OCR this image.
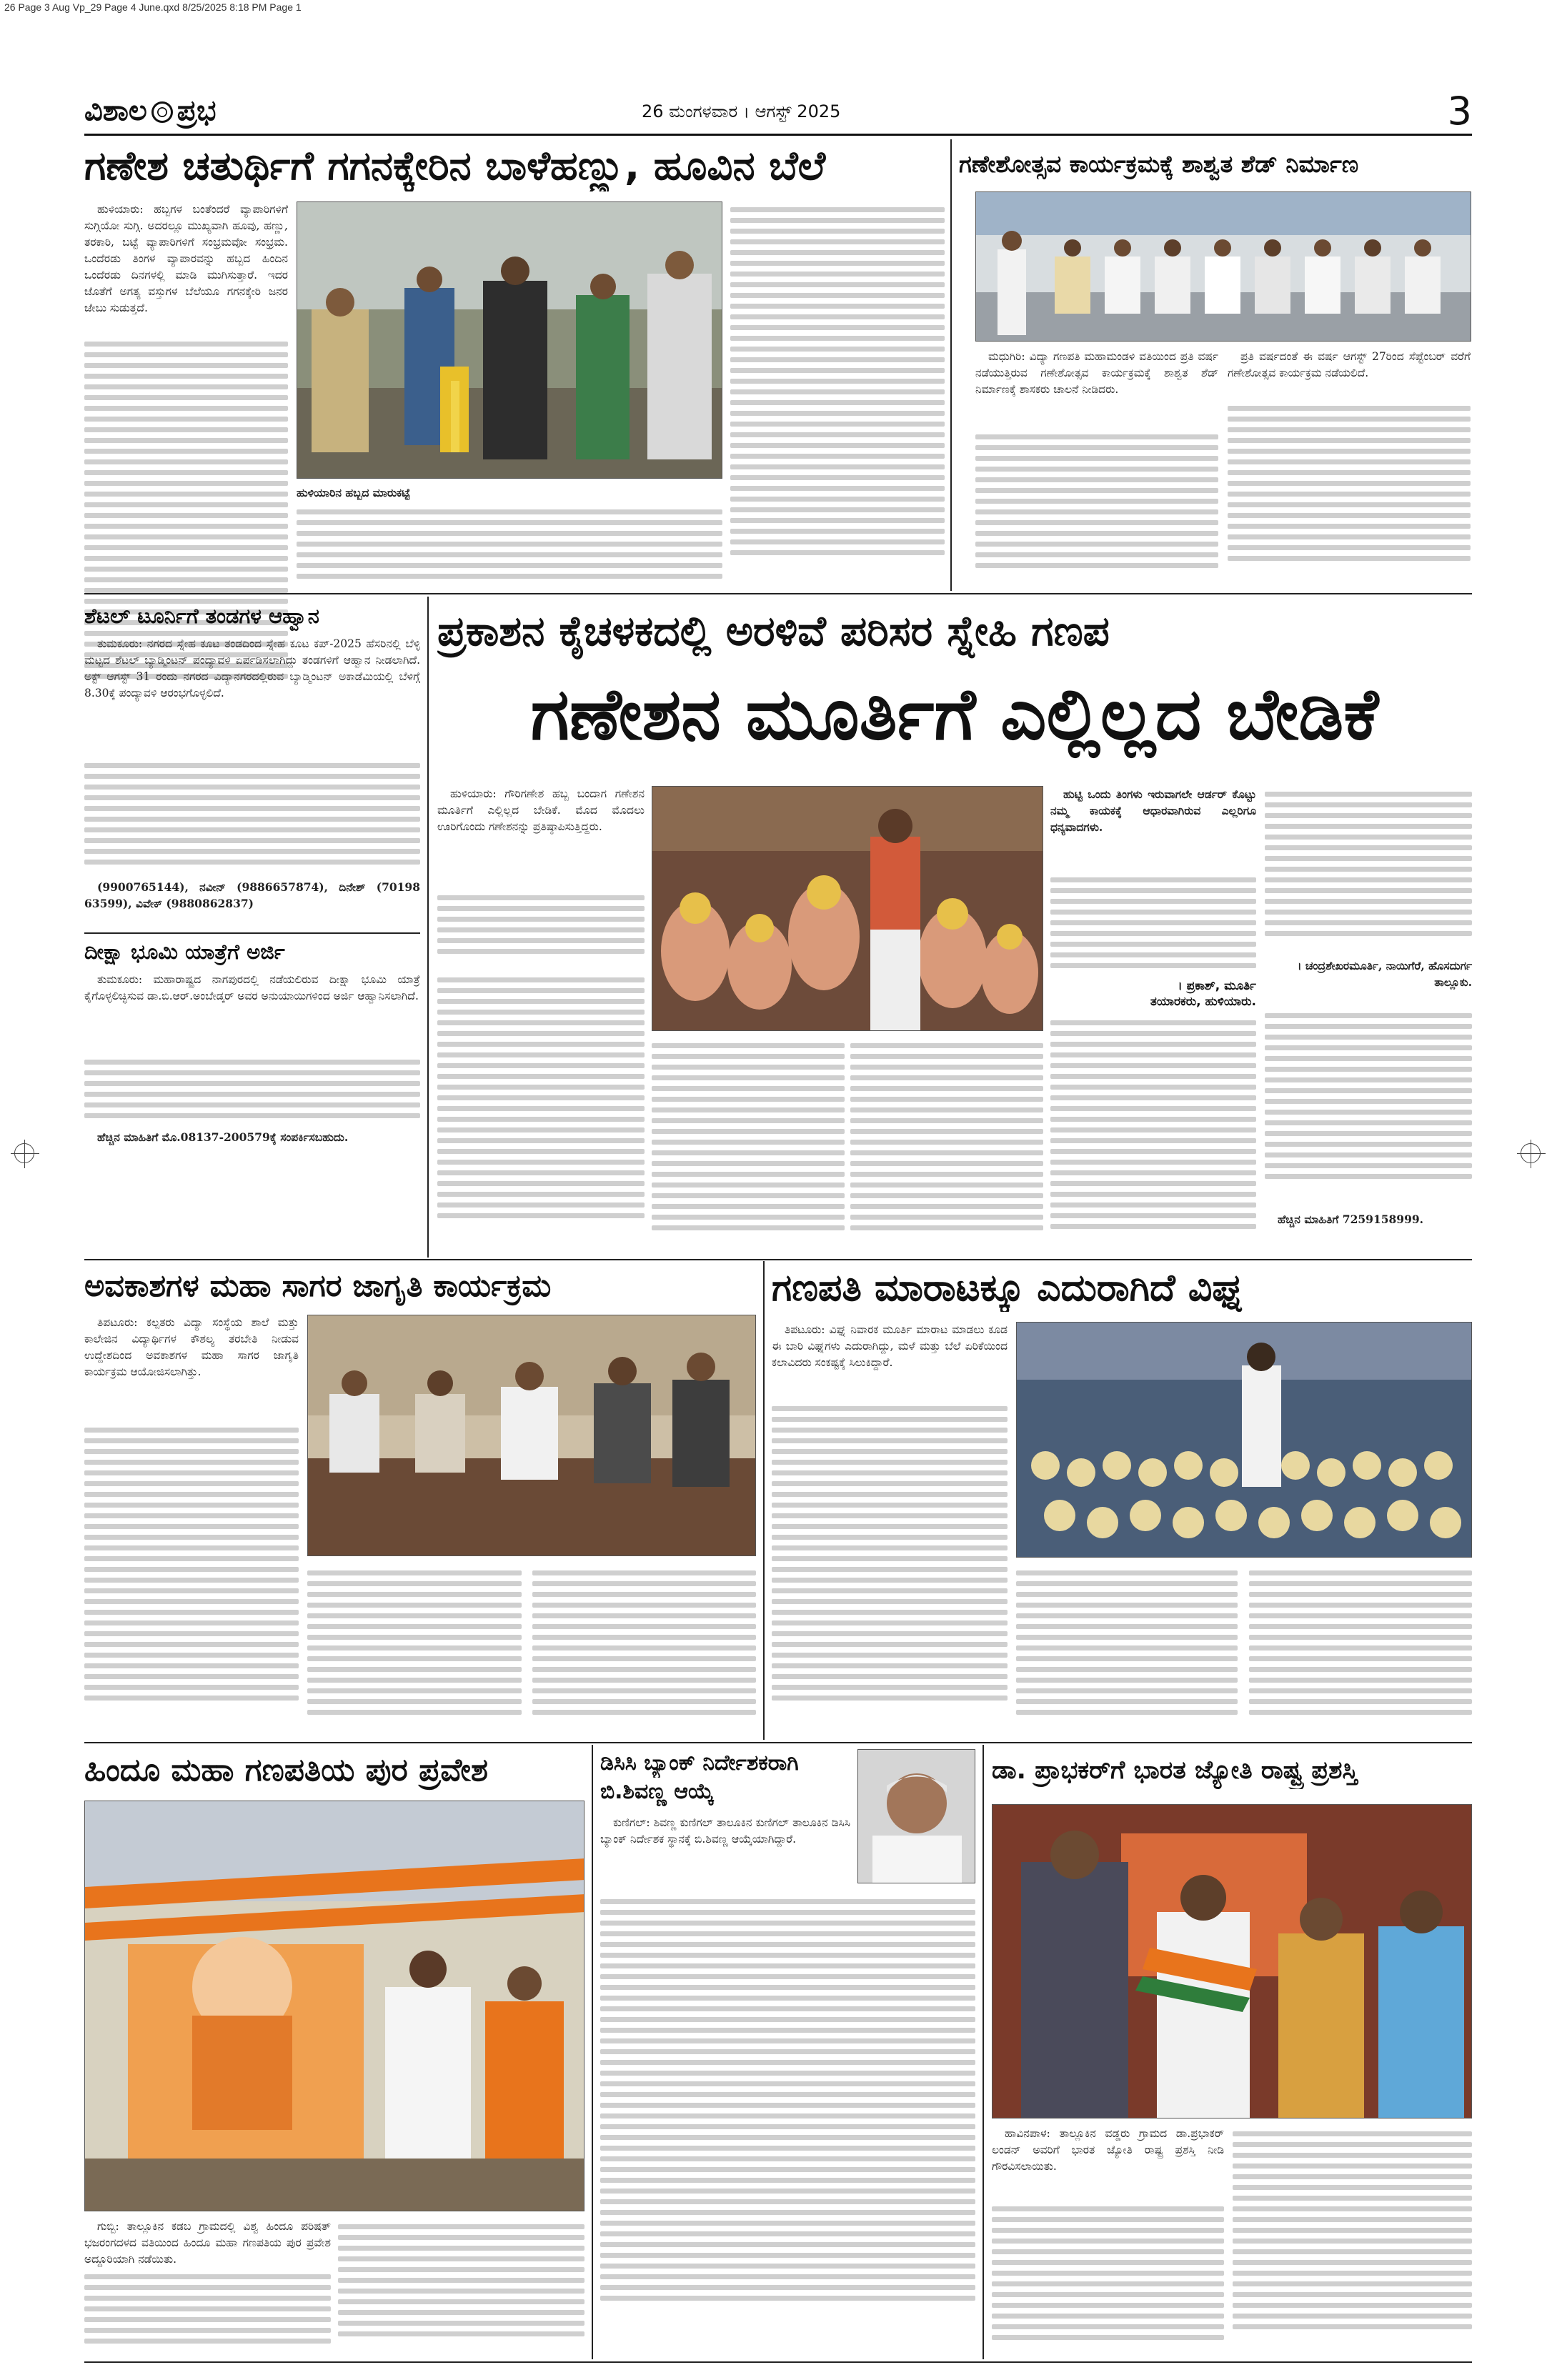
26 Page 3 Aug Vp_29 Page 4 June.qxd 8/25/2025 8:18 PM Page 1
ವಿಶಾಲ ಪ್ರಭ	26 ಮಂಗಳವಾರ । ಆಗಸ್ಟ್ 2025	3
ಗಣೇಶ ಚತುರ್ಥಿಗೆ ಗಗನಕ್ಕೇರಿನ ಬಾಳೆಹಣ್ಣು, ಹೂವಿನ ಬೆಲೆ

ಹುಳಿಯಾರು: ಹಬ್ಬಗಳ ಬಂತೆಂದರೆ ವ್ಯಾಪಾರಿಗಳಿಗೆ ಸುಗ್ಗಿಯೋ ಸುಗ್ಗಿ. ಅದರಲ್ಲೂ ಮುಖ್ಯವಾಗಿ ಹೂವು, ಹಣ್ಣು, ತರಕಾರಿ, ಬಟ್ಟೆ ವ್ಯಾಪಾರಿಗಳಿಗೆ ಸಂಭ್ರಮವೋ ಸಂಭ್ರಮ. ಒಂದೆರಡು ತಿಂಗಳ ವ್ಯಾಪಾರವನ್ನು ಹಬ್ಬದ ಹಿಂದಿನ ಒಂದೆರಡು ದಿನಗಳಲ್ಲಿ ಮಾಡಿ ಮುಗಿಸುತ್ತಾರೆ. ಇದರ ಜೊತೆಗೆ ಅಗತ್ಯ ವಸ್ತುಗಳ ಬೆಲೆಯೂ ಗಗನಕ್ಕೇರಿ ಜನರ ಜೇಬು ಸುಡುತ್ತದೆ.

ಹುಳಿಯಾರಿನ ಹಬ್ಬದ ಮಾರುಕಟ್ಟೆ
ಗಣೇಶೋತ್ಸವ ಕಾರ್ಯಕ್ರಮಕ್ಕೆ ಶಾಶ್ವತ ಶೆಡ್ ನಿರ್ಮಾಣ

ಮಧುಗಿರಿ: ವಿದ್ಯಾ ಗಣಪತಿ ಮಹಾಮಂಡಳಿ ವತಿಯಿಂದ ಪ್ರತಿ ವರ್ಷ ನಡೆಯುತ್ತಿರುವ ಗಣೇಶೋತ್ಸವ ಕಾರ್ಯಕ್ರಮಕ್ಕೆ ಶಾಶ್ವತ ಶೆಡ್ ನಿರ್ಮಾಣಕ್ಕೆ ಶಾಸಕರು ಚಾಲನೆ ನೀಡಿದರು.

ಪ್ರತಿ ವರ್ಷದಂತೆ ಈ ವರ್ಷ ಆಗಸ್ಟ್ 27ರಿಂದ ಸೆಪ್ಟೆಂಬರ್ ವರೆಗೆ ಗಣೇಶೋತ್ಸವ ಕಾರ್ಯಕ್ರಮ ನಡೆಯಲಿದೆ.

ಶೆಟಲ್ ಟೂರ್ನಿಗೆ ತಂಡಗಳ ಆಹ್ವಾನ

ತುಮಕೂರು: ನಗರದ ಸ್ನೇಹ ಕೂಟ ತಂಡದಿಂದ ಸ್ನೇಹ ಕೂಟ ಕಪ್-2025 ಹೆಸರಿನಲ್ಲಿ ಬೆಳ್ಳಿ ಮಟ್ಟದ ಶೆಟಲ್ ಬ್ಯಾಡ್ಮಿಂಟನ್ ಪಂದ್ಯಾವಳಿ ಏರ್ಪಡಿಸಲಾಗಿದ್ದು ತಂಡಗಳಿಗೆ ಆಹ್ವಾನ ನೀಡಲಾಗಿದೆ. ಅಕ್ಟ್ ಆಗಸ್ಟ್ 31 ರಂದು ನಗರದ ವಿದ್ಯಾನಗರದಲ್ಲಿರುವ ಬ್ಯಾಡ್ಮಿಂಟನ್ ಅಕಾಡೆಮಿಯಲ್ಲಿ ಬೆಳಿಗ್ಗೆ 8.30ಕ್ಕೆ ಪಂದ್ಯಾವಳಿ ಆರಂಭಗೊಳ್ಳಲಿದೆ.

(9900765144), ನವೀನ್ (9886657874), ದಿನೇಶ್ (70198 63599), ವಿವೇಕ್ (9880862837)

ದೀಕ್ಷಾ ಭೂಮಿ ಯಾತ್ರೆಗೆ ಅರ್ಜಿ

ತುಮಕೂರು: ಮಹಾರಾಷ್ಟ್ರದ ನಾಗಪುರದಲ್ಲಿ ನಡೆಯಲಿರುವ ದೀಕ್ಷಾ ಭೂಮಿ ಯಾತ್ರೆ ಕೈಗೊಳ್ಳಲಿಚ್ಛಿಸುವ ಡಾ.ಬಿ.ಆರ್.ಅಂಬೇಡ್ಕರ್ ಅವರ ಅನುಯಾಯಿಗಳಿಂದ ಅರ್ಜಿ ಆಹ್ವಾನಿಸಲಾಗಿದೆ.

ಹೆಚ್ಚಿನ ಮಾಹಿತಿಗೆ ಮೊ.08137-200579ಕ್ಕೆ ಸಂಪರ್ಕಿಸಬಹುದು.

ಪ್ರಕಾಶನ ಕೈಚಳಕದಲ್ಲಿ ಅರಳಿವೆ ಪರಿಸರ ಸ್ನೇಹಿ ಗಣಪ
ಗಣೇಶನ ಮೂರ್ತಿಗೆ ಎಲ್ಲಿಲ್ಲದ ಬೇಡಿಕೆ

ಹುಳಿಯಾರು: ಗೌರಿಗಣೇಶ ಹಬ್ಬ ಬಂದಾಗ ಗಣೇಶನ ಮೂರ್ತಿಗೆ ಎಲ್ಲಿಲ್ಲದ ಬೇಡಿಕೆ. ಮೊದ ಮೊದಲು ಊರಿಗೊಂದು ಗಣೇಶನನ್ನು ಪ್ರತಿಷ್ಠಾಪಿಸುತ್ತಿದ್ದರು.

ಹುಟ್ಟಿ ಒಂದು ತಿಂಗಳು ಇರುವಾಗಲೇ ಆರ್ಡರ್ ಕೊಟ್ಟು ನಮ್ಮ ಕಾಯಕಕ್ಕೆ ಆಧಾರವಾಗಿರುವ ಎಲ್ಲರಿಗೂ ಧನ್ಯವಾದಗಳು.

। ಪ್ರಕಾಶ್, ಮೂರ್ತಿ
ತಯಾರಕರು, ಹುಳಿಯಾರು.

। ಚಂದ್ರಶೇಖರಮೂರ್ತಿ, ನಾಯಿಗೆರೆ, ಹೊಸದುರ್ಗ ತಾಲ್ಲೂಕು.

ಹೆಚ್ಚಿನ ಮಾಹಿತಿಗೆ 7259158999.

ಅವಕಾಶಗಳ ಮಹಾ ಸಾಗರ ಜಾಗೃತಿ ಕಾರ್ಯಕ್ರಮ

ತಿಪಟೂರು: ಕಲ್ಪತರು ವಿದ್ಯಾ ಸಂಸ್ಥೆಯ ಶಾಲೆ ಮತ್ತು ಕಾಲೇಜಿನ ವಿದ್ಯಾರ್ಥಿಗಳ ಕೌಶಲ್ಯ ತರಬೇತಿ ನೀಡುವ ಉದ್ದೇಶದಿಂದ ಅವಕಾಶಗಳ ಮಹಾ ಸಾಗರ ಜಾಗೃತಿ ಕಾರ್ಯಕ್ರಮ ಆಯೋಜಿಸಲಾಗಿತ್ತು.

ಗಣಪತಿ ಮಾರಾಟಕ್ಕೂ ಎದುರಾಗಿದೆ ವಿಘ್ನ

ತಿಪಟೂರು: ವಿಘ್ನ ನಿವಾರಕ ಮೂರ್ತಿ ಮಾರಾಟ ಮಾಡಲು ಕೂಡ ಈ ಬಾರಿ ವಿಘ್ನಗಳು ಎದುರಾಗಿದ್ದು, ಮಳೆ ಮತ್ತು ಬೆಲೆ ಏರಿಕೆಯಿಂದ ಕಲಾವಿದರು ಸಂಕಷ್ಟಕ್ಕೆ ಸಿಲುಕಿದ್ದಾರೆ.

ಹಿಂದೂ ಮಹಾ ಗಣಪತಿಯ ಪುರ ಪ್ರವೇಶ

ಗುಬ್ಬಿ: ತಾಲ್ಲೂಕಿನ ಕಡಬ ಗ್ರಾಮದಲ್ಲಿ ವಿಶ್ವ ಹಿಂದೂ ಪರಿಷತ್ ಭಜರಂಗದಳದ ವತಿಯಿಂದ ಹಿಂದೂ ಮಹಾ ಗಣಪತಿಯ ಪುರ ಪ್ರವೇಶ ಅದ್ದೂರಿಯಾಗಿ ನಡೆಯಿತು.

ಡಿಸಿಸಿ ಬ್ಯಾಂಕ್ ನಿರ್ದೇಶಕರಾಗಿ
ಬಿ.ಶಿವಣ್ಣ ಆಯ್ಕೆ

ಕುಣಿಗಲ್: ಶಿವಣ್ಣ ಕುಣಿಗಲ್ ತಾಲೂಕಿನ ಕುಣಿಗಲ್ ತಾಲೂಕಿನ ಡಿಸಿಸಿ ಬ್ಯಾಂಕ್ ನಿರ್ದೇಶಕ ಸ್ಥಾನಕ್ಕೆ ಬಿ.ಶಿವಣ್ಣ ಆಯ್ಕೆಯಾಗಿದ್ದಾರೆ.

ಡಾ. ಪ್ರಾಭಕರ್‌ಗೆ ಭಾರತ ಜ್ಯೋತಿ ರಾಷ್ಟ್ರ ಪ್ರಶಸ್ತಿ

ಹಾವಿನಪಾಳ: ತಾಲ್ಲೂಕಿನ ವಡ್ಡರು ಗ್ರಾಮದ ಡಾ.ಪ್ರಭಾಕರ್ ಲಂಡನ್ ಅವರಿಗೆ ಭಾರತ ಜ್ಯೋತಿ ರಾಷ್ಟ್ರ ಪ್ರಶಸ್ತಿ ನೀಡಿ ಗೌರವಿಸಲಾಯಿತು.
